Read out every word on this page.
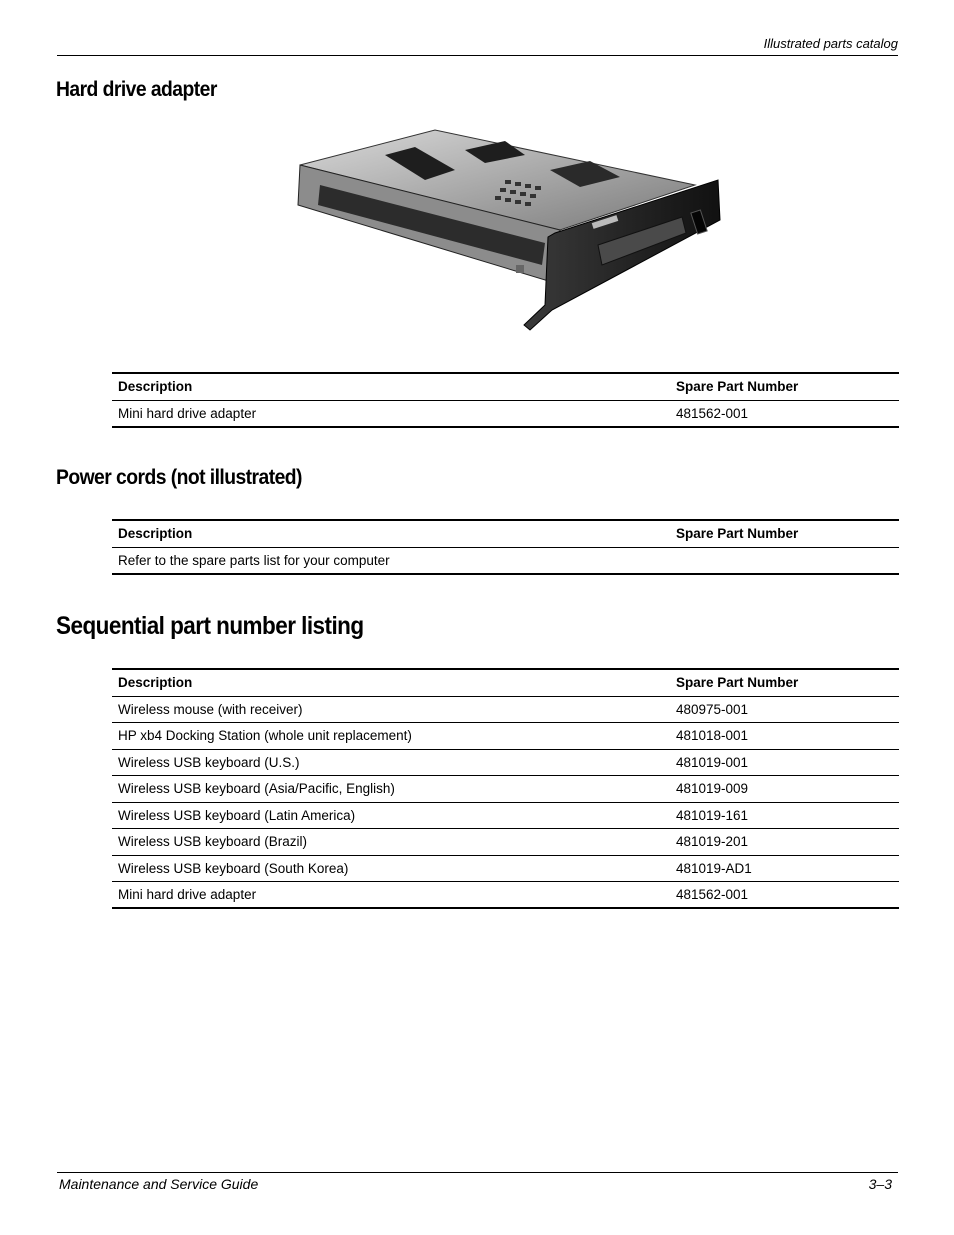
Illustrated parts catalog
Hard drive adapter
Description	Spare Part Number
Mini hard drive adapter	481562-001
Power cords (not illustrated)
Description	Spare Part Number
Refer to the spare parts list for your computer	
Sequential part number listing
Description	Spare Part Number
Wireless mouse (with receiver)	480975-001
HP xb4 Docking Station (whole unit replacement)	481018-001
Wireless USB keyboard (U.S.)	481019-001
Wireless USB keyboard (Asia/Pacific, English)	481019-009
Wireless USB keyboard (Latin America)	481019-161
Wireless USB keyboard (Brazil)	481019-201
Wireless USB keyboard (South Korea)	481019-AD1
Mini hard drive adapter	481562-001
Maintenance and Service Guide	3–3
